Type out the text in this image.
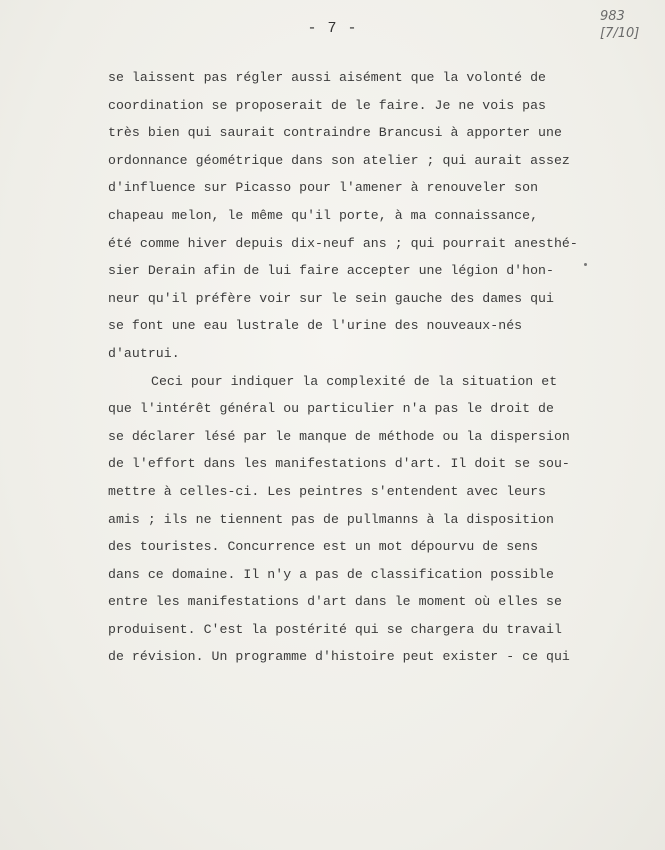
- 7 -
983
[7/10]
se laissent pas régler aussi aisément que la volonté de
coordination se proposerait de le faire. Je ne vois pas
très bien qui saurait contraindre Brancusi à apporter une
ordonnance géométrique dans son atelier ; qui aurait assez
d'influence sur Picasso pour l'amener à renouveler son
chapeau melon, le même qu'il porte, à ma connaissance,
été comme hiver depuis dix-neuf ans ; qui pourrait anesthé-
sier Derain afin de lui faire accepter une légion d'hon-
neur qu'il préfère voir sur le sein gauche des dames qui
se font une eau lustrale de l'urine des nouveaux-nés
d'autrui.
Ceci pour indiquer la complexité de la situation et
que l'intérêt général ou particulier n'a pas le droit de
se déclarer lésé par le manque de méthode ou la dispersion
de l'effort dans les manifestations d'art. Il doit se sou-
mettre à celles-ci. Les peintres s'entendent avec leurs
amis ; ils ne tiennent pas de pullmanns à la disposition
des touristes. Concurrence est un mot dépourvu de sens
dans ce domaine. Il n'y a pas de classification possible
entre les manifestations d'art dans le moment où elles se
produisent. C'est la postérité qui se chargera du travail
de révision. Un programme d'histoire peut exister - ce qui
